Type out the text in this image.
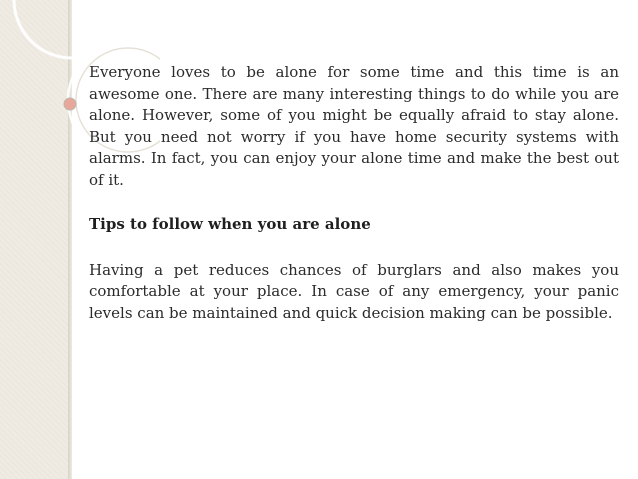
Everyone loves to be alone for some time and this time is an awesome one. There are many interesting things to do while you are alone. However, some of you might be equally afraid to stay alone. But you need not worry if you have home security systems with alarms. In fact, you can enjoy your alone time and make the best out of it.

Tips to follow when you are alone

Having a pet reduces chances of burglars and also makes you comfortable at your place. In case of any emergency, your panic levels can be maintained and quick decision making can be possible.
